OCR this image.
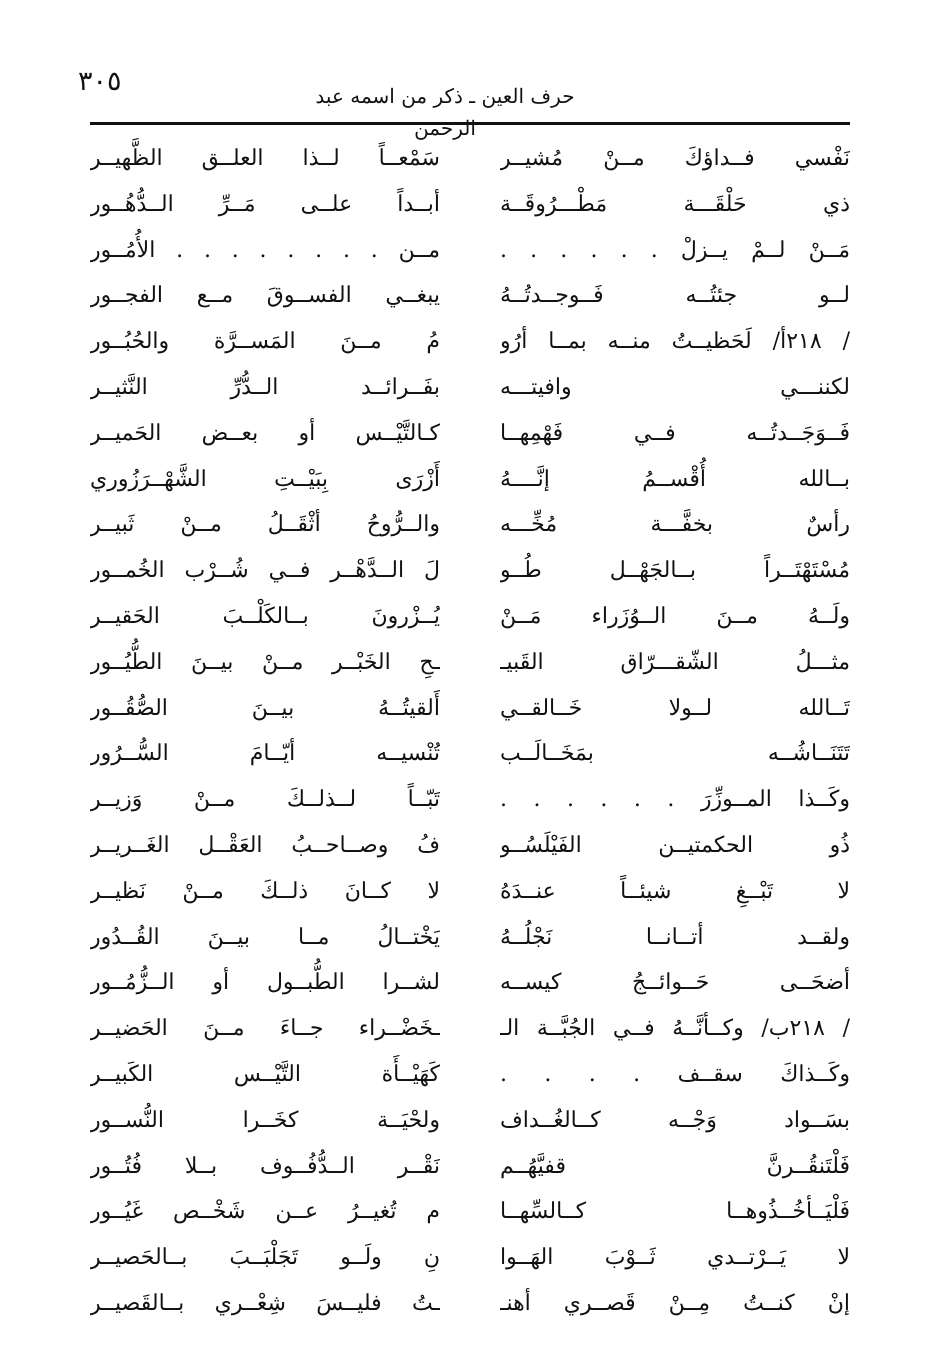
٣٠٥	حرف العين ـ ذكر من اسمه عبد الرحمن
نَفْسي فــداؤكَ مــنْ مُشيــر
سَمْعــاً لــذا العلــق الظَّهيــر
ذي حَلْقَـــة مَطْـــرُوقَــة
أبــداً علــى مَــرِّ الــدُّهُــور
مَــنْ لــمْ يــزلْ . . . . . .
مــن . . . . . . . . الأُمُــور
لــو جئتُــه فَــوجــدتُــهُ
يبغــي الفســوقَ مــع الفجــور
/ ٢١٨أ/ لَحَظيــتُ منــه بمــا أرُو
مُ مــنَ المَســرَّة والحُبُــور
لكننـــي وافيتـــه
بفَــرائــد الــدُّرِّ النَّثيــر
فَــوَجَــدتُــه فــي فَهْمِهــا
كـالتَّيْــس أو بعــض الحَميــر
بــالله أُقْســمُ إنَّــــهُ
أَزْرَى بِبَيْــتِ الشَّهْــرَزُوري
رأسٌ بخفَّـــة مُخِّـــه
والــرُّوحُ أثْقَــلُ مــنْ ثَبيــر
مُسْتَهْتَــراً بــالجَهْــل طُــو
لَ الــدَّهْــر فــي شُــرْب الخُمــور
ولَــهُ مــنَ الــوُزَراء مَــنْ
يُــزْرونَ بــالكَلْــبَ الحَقيــر
مثـــلُ الشّقـــرّاق القَبيـ
ـحِ الخَبْــر مــنْ بيــنَ الطُّيُــور
تَــالله لــولا خَــالقــي
أَلقيتُــهُ بيــنَ الصُّقُــور
تَتَنَــاشُــه بمَخَــالَــب
تُنْسيــه أيّــامَ السُّــرُور
وكَــذا المــوزِّرَ . . . . . .
تَبّــاً لــذلــكَ مــنْ وَزيــر
ذُو الحكمتيــن الفَيْلَسُــو
فُ وصــاحــبُ العَقْــل الغَــريــر
لا تَبْــغِ شيئــاً عنــدَهُ
لا كــانَ ذلــكَ مــنْ نَظيــر
ولقــد أتــانــا نَجْلُــهُ
يَخْتــالُ مــا بيــنَ القُــدُور
أضحَــى حَــوائــجُ كيســه
لشــرا الطُّبــول أو الــزُّمُــور
/ ٢١٨ب/ وكــأنَّــهُ فــي الجُبَّــة الـ
ـخَضْــراء جــاءَ مــنَ الحَضيــر
وكَــذاكَ سقــف . . . .
كَهَيْــأَة التَّيْــس الكَبيــر
بسَــواد وَجْــه كــالغُــداف
ولحْيَــة كخَــرا النُّســور
فَلْتَنقُــرنَّ قفيَّهُــم
نَقْــر الــدُّفُــوف بــلا فُتُــور
فَلْيَــأخُــذُوهــا كــالسِّهــا
م تُغيــرُ عــن شَخْــص غَيُــور
لا يَــرْتــدي ثَــوْبَ الهَــوا
نِ ولَــو تَجَلْبَــبَ بــالحَصيــر
إنْ كنــتُ مِــنْ قَصــري أهنـ
ـتُ فليــسَ شِعْــري بــالقَصيــر
